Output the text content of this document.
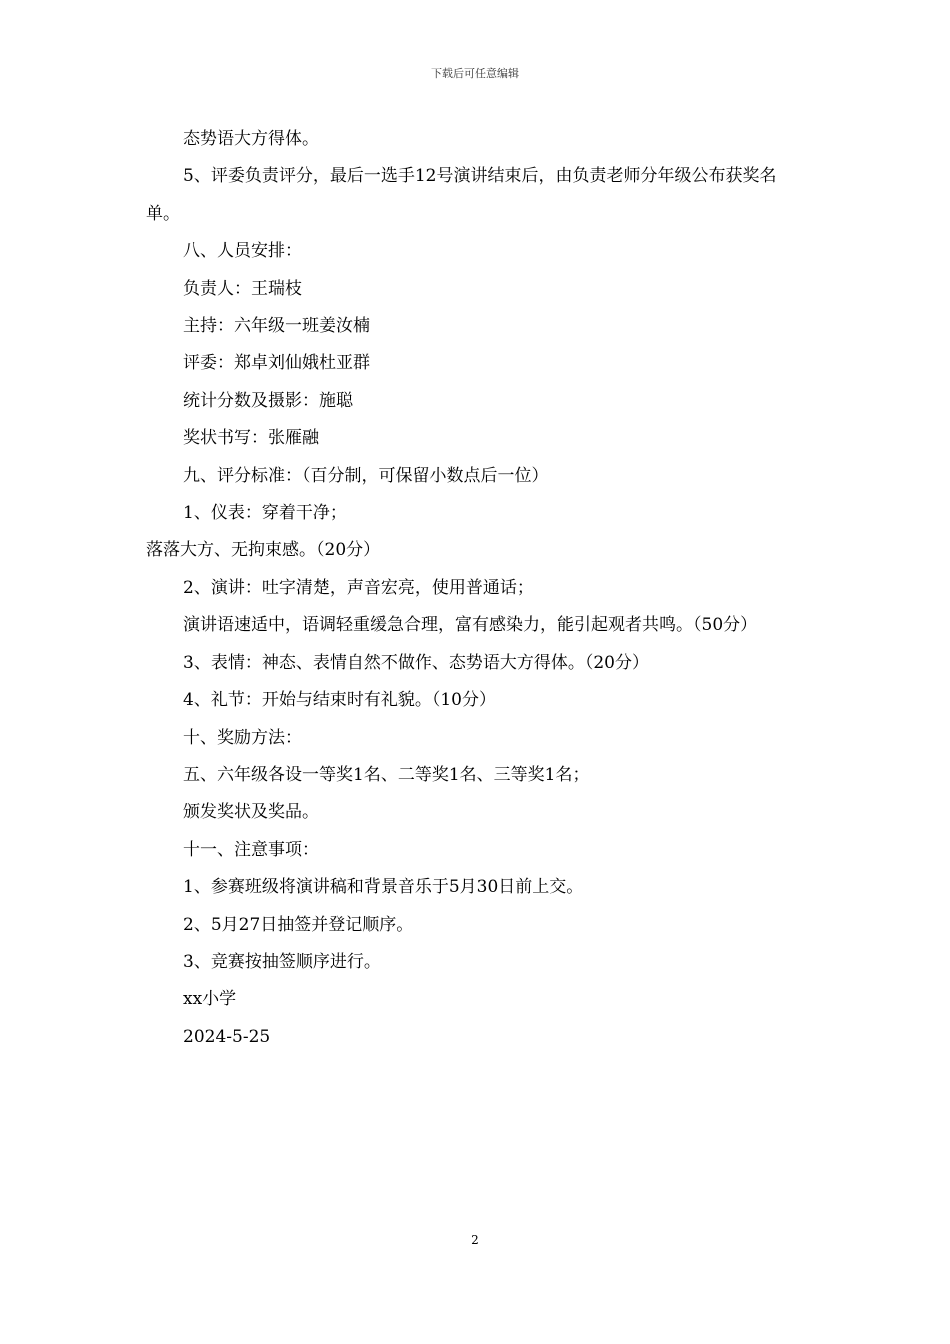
下载后可任意编辑

态势语大方得体。

5、评委负责评分，最后一选手12号演讲结束后，由负责老师分年级公布获奖名单。

八、人员安排：

负责人：王瑞枝

主持：六年级一班姜汝楠

评委：郑卓刘仙娥杜亚群

统计分数及摄影：施聪

奖状书写：张雁融

九、评分标准：（百分制，可保留小数点后一位）

1、仪表：穿着干净；

落落大方、无拘束感。（20分）

2、演讲：吐字清楚，声音宏亮，使用普通话；

演讲语速适中，语调轻重缓急合理，富有感染力，能引起观者共鸣。（50分）

3、表情：神态、表情自然不做作、态势语大方得体。（20分）

4、礼节：开始与结束时有礼貌。（10分）

十、奖励方法：

五、六年级各设一等奖1名、二等奖1名、三等奖1名；

颁发奖状及奖品。

十一、注意事项：

1、参赛班级将演讲稿和背景音乐于5月30日前上交。

2、5月27日抽签并登记顺序。

3、竞赛按抽签顺序进行。

xx小学

2024-5-25

2
